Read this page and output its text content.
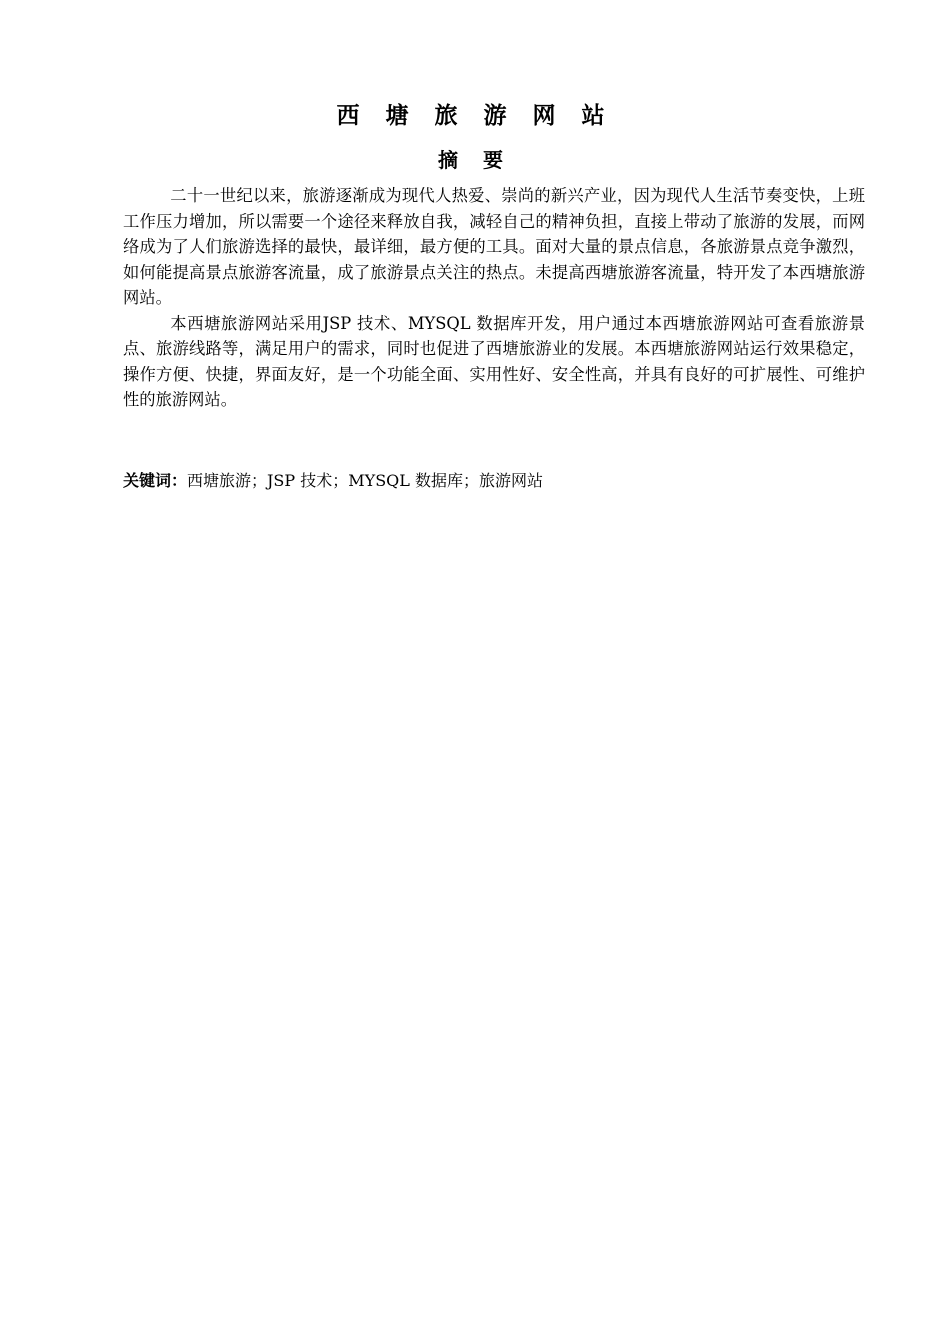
西 塘 旅 游 网 站
摘 要

二十一世纪以来，旅游逐渐成为现代人热爱、崇尚的新兴产业，因为现代人生活节奏变快，上班工作压力增加，所以需要一个途径来释放自我，减轻自己的精神负担，直接上带动了旅游的发展，而网络成为了人们旅游选择的最快，最详细，最方便的工具。面对大量的景点信息，各旅游景点竞争激烈，如何能提高景点旅游客流量，成了旅游景点关注的热点。未提高西塘旅游客流量，特开发了本西塘旅游网站。

本西塘旅游网站采用JSP 技术、MYSQL 数据库开发，用户通过本西塘旅游网站可查看旅游景点、旅游线路等，满足用户的需求，同时也促进了西塘旅游业的发展。本西塘旅游网站运行效果稳定，操作方便、快捷，界面友好，是一个功能全面、实用性好、安全性高，并具有良好的可扩展性、可维护性的旅游网站。

关键词：西塘旅游；JSP 技术；MYSQL 数据库；旅游网站
